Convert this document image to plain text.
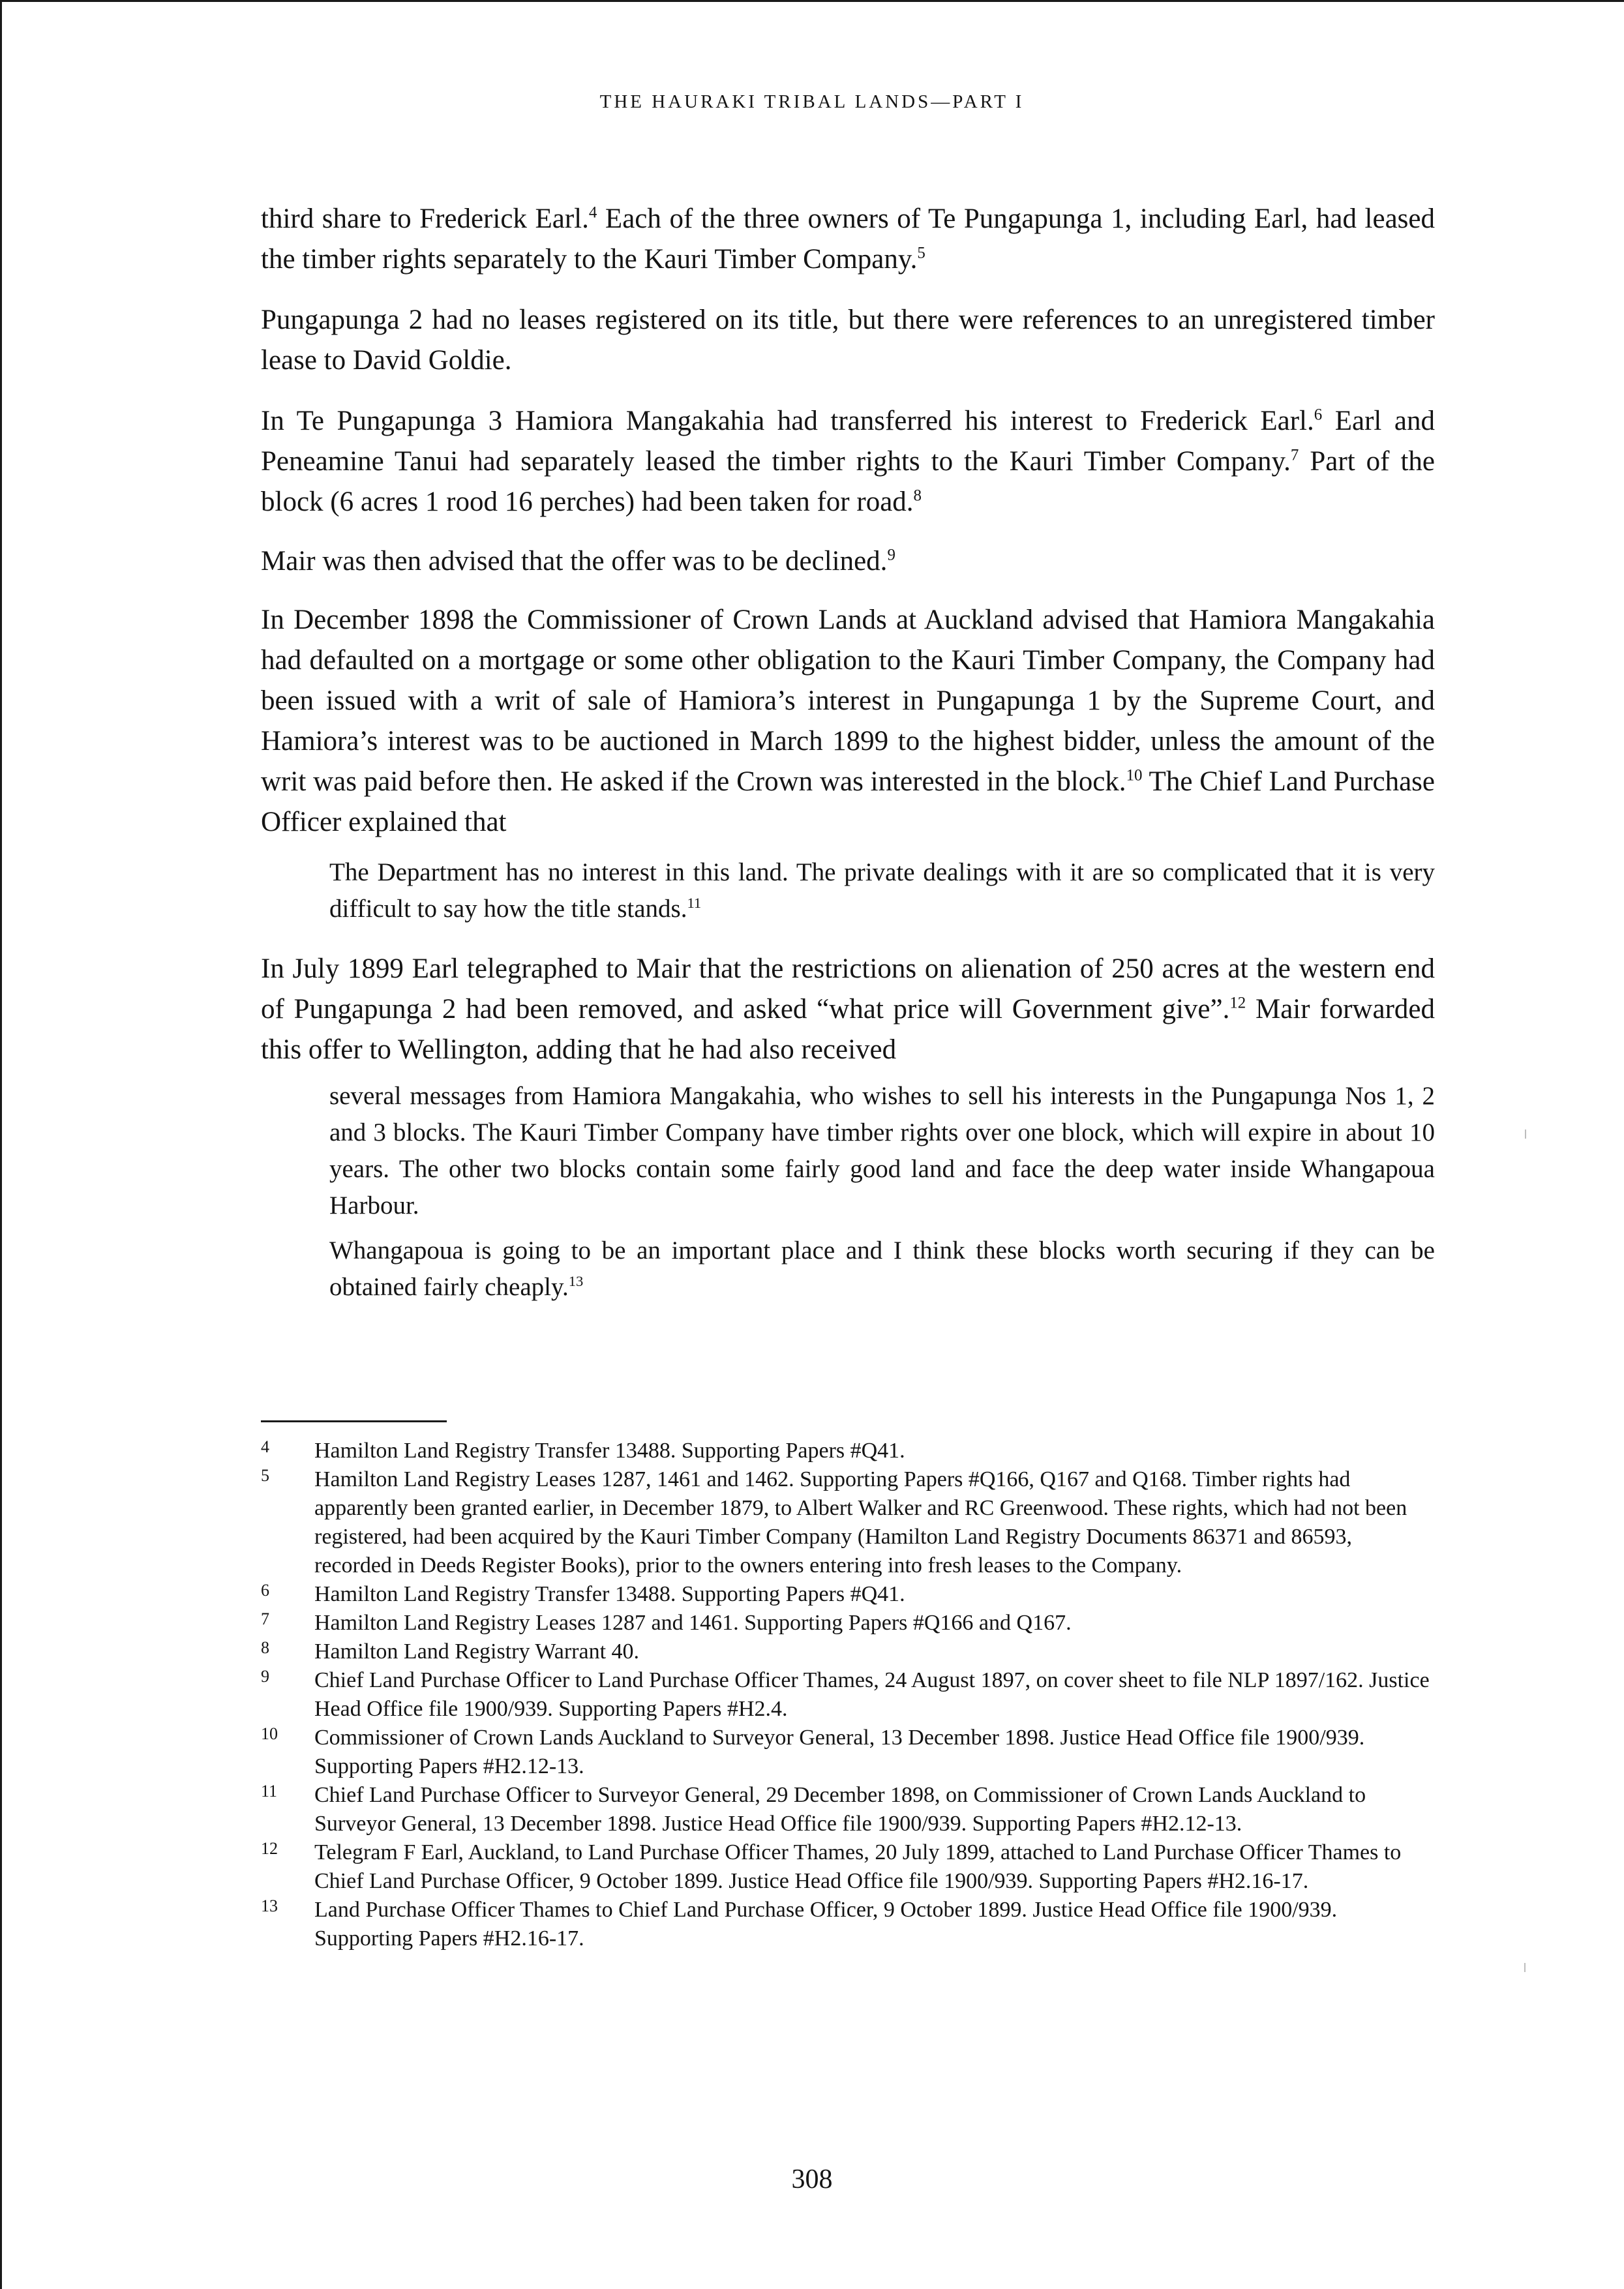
THE HAURAKI TRIBAL LANDS—PART I

third share to Frederick Earl.$^4$ Each of the three owners of Te Pungapunga 1, including Earl, had leased the timber rights separately to the Kauri Timber Company.$^5$

Pungapunga 2 had no leases registered on its title, but there were references to an unregistered timber lease to David Goldie.

In Te Pungapunga 3 Hamiora Mangakahia had transferred his interest to Frederick Earl.$^6$ Earl and Peneamine Tanui had separately leased the timber rights to the Kauri Timber Company.$^7$ Part of the block (6 acres 1 rood 16 perches) had been taken for road.$^8$

Mair was then advised that the offer was to be declined.$^9$

In December 1898 the Commissioner of Crown Lands at Auckland advised that Hamiora Mangakahia had defaulted on a mortgage or some other obligation to the Kauri Timber Company, the Company had been issued with a writ of sale of Hamiora’s interest in Pungapunga 1 by the Supreme Court, and Hamiora’s interest was to be auctioned in March 1899 to the highest bidder, unless the amount of the writ was paid before then. He asked if the Crown was interested in the block.$^{10}$ The Chief Land Purchase Officer explained that

The Department has no interest in this land. The private dealings with it are so complicated that it is very difficult to say how the title stands.$^{11}$

In July 1899 Earl telegraphed to Mair that the restrictions on alienation of 250 acres at the western end of Pungapunga 2 had been removed, and asked “what price will Government give”.$^{12}$ Mair forwarded this offer to Wellington, adding that he had also received

several messages from Hamiora Mangakahia, who wishes to sell his interests in the Pungapunga Nos 1, 2 and 3 blocks. The Kauri Timber Company have timber rights over one block, which will expire in about 10 years. The other two blocks contain some fairly good land and face the deep water inside Whangapoua Harbour.

Whangapoua is going to be an important place and I think these blocks worth securing if they can be obtained fairly cheaply.$^{13}$

4 Hamilton Land Registry Transfer 13488. Supporting Papers #Q41.
5 Hamilton Land Registry Leases 1287, 1461 and 1462. Supporting Papers #Q166, Q167 and Q168. Timber rights had apparently been granted earlier, in December 1879, to Albert Walker and RC Greenwood. These rights, which had not been registered, had been acquired by the Kauri Timber Company (Hamilton Land Registry Documents 86371 and 86593, recorded in Deeds Register Books), prior to the owners entering into fresh leases to the Company.
6 Hamilton Land Registry Transfer 13488. Supporting Papers #Q41.
7 Hamilton Land Registry Leases 1287 and 1461. Supporting Papers #Q166 and Q167.
8 Hamilton Land Registry Warrant 40.
9 Chief Land Purchase Officer to Land Purchase Officer Thames, 24 August 1897, on cover sheet to file NLP 1897/162. Justice Head Office file 1900/939. Supporting Papers #H2.4.
10 Commissioner of Crown Lands Auckland to Surveyor General, 13 December 1898. Justice Head Office file 1900/939. Supporting Papers #H2.12-13.
11 Chief Land Purchase Officer to Surveyor General, 29 December 1898, on Commissioner of Crown Lands Auckland to Surveyor General, 13 December 1898. Justice Head Office file 1900/939. Supporting Papers #H2.12-13.
12 Telegram F Earl, Auckland, to Land Purchase Officer Thames, 20 July 1899, attached to Land Purchase Officer Thames to Chief Land Purchase Officer, 9 October 1899. Justice Head Office file 1900/939. Supporting Papers #H2.16-17.
13 Land Purchase Officer Thames to Chief Land Purchase Officer, 9 October 1899. Justice Head Office file 1900/939. Supporting Papers #H2.16-17.
308
